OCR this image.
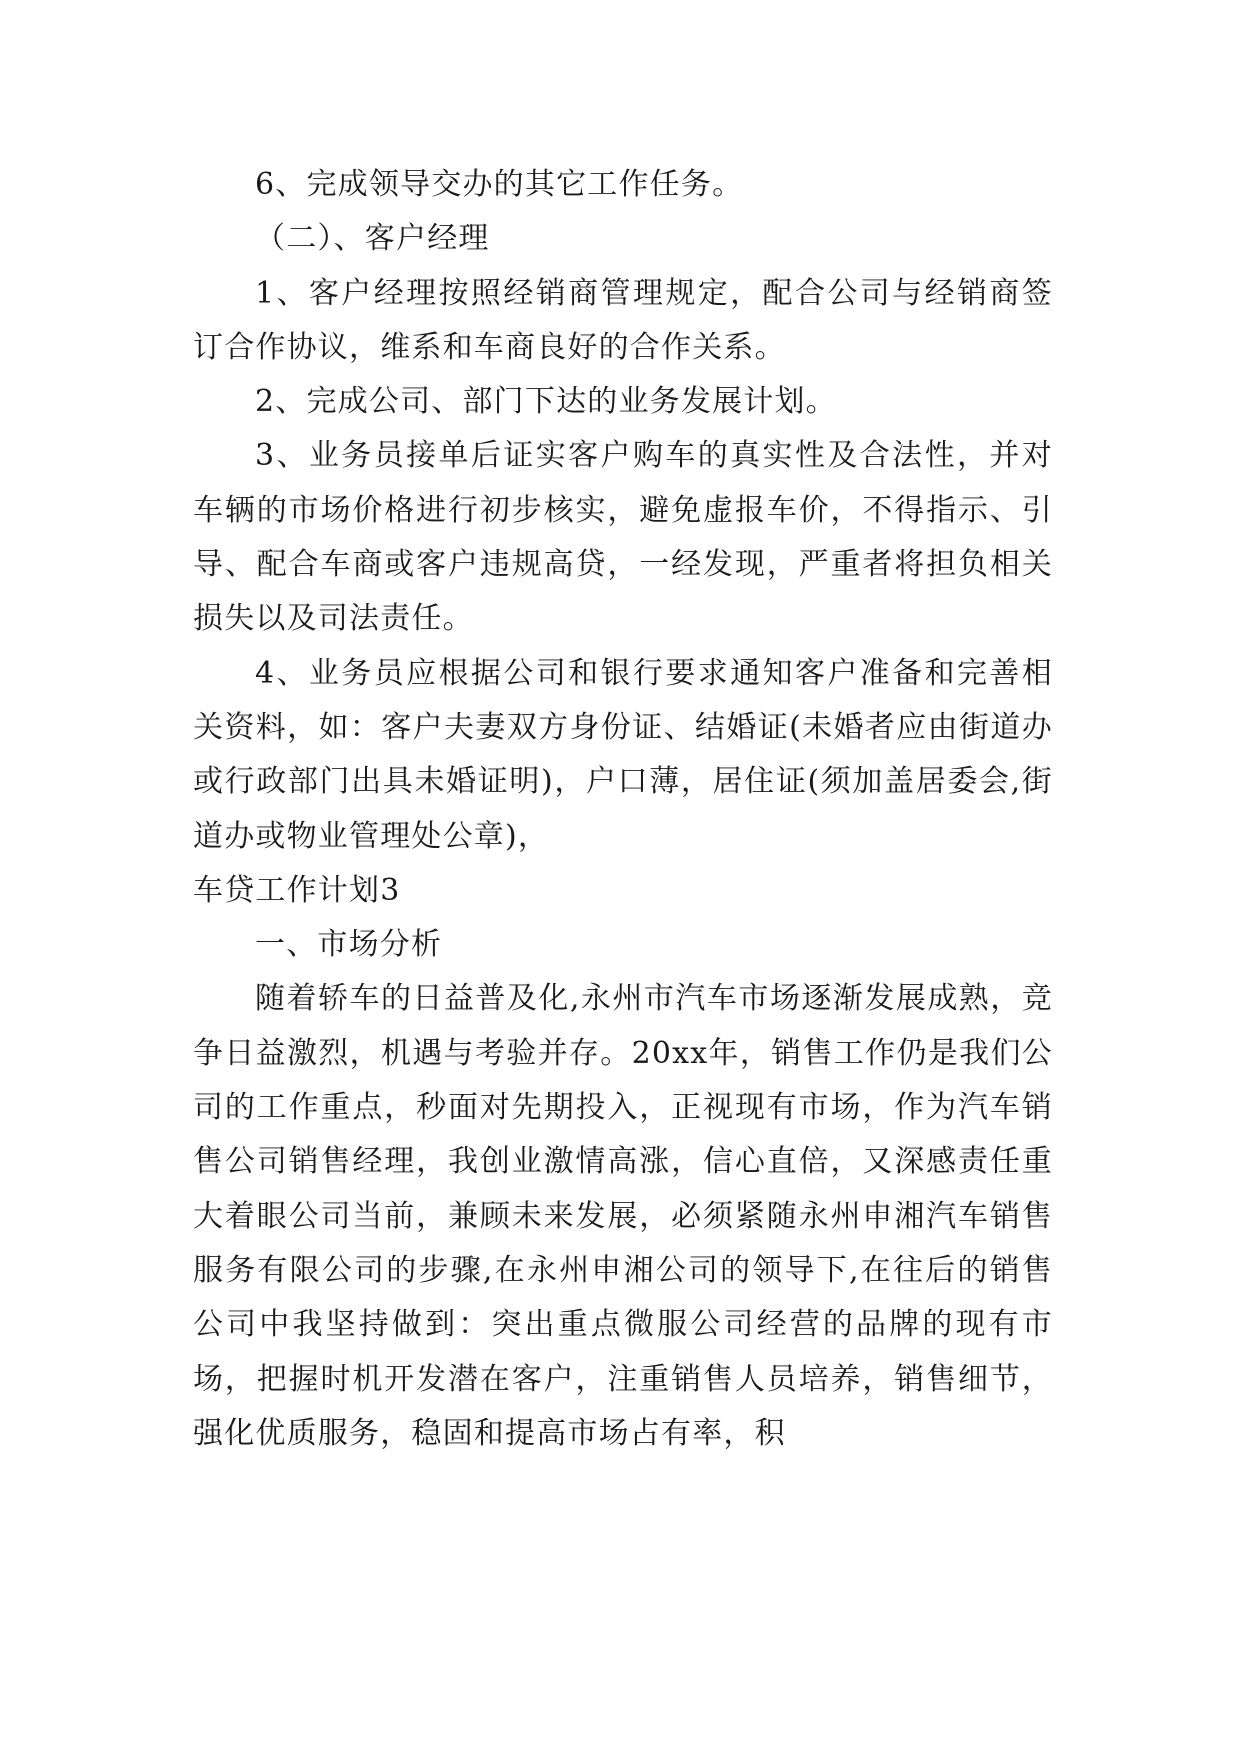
6、完成领导交办的其它工作任务。

（二）、客户经理

1、客户经理按照经销商管理规定，配合公司与经销商签订合作协议，维系和车商良好的合作关系。

2、完成公司、部门下达的业务发展计划。

3、业务员接单后证实客户购车的真实性及合法性，并对车辆的市场价格进行初步核实，避免虚报车价，不得指示、引导、配合车商或客户违规高贷，一经发现，严重者将担负相关损失以及司法责任。

4、业务员应根据公司和银行要求通知客户准备和完善相关资料，如：客户夫妻双方身份证、结婚证(未婚者应由街道办或行政部门出具未婚证明)，户口薄，居住证(须加盖居委会,街道办或物业管理处公章)，

车贷工作计划3

一、市场分析

随着轿车的日益普及化,永州市汽车市场逐渐发展成熟，竞争日益激烈，机遇与考验并存。20xx年，销售工作仍是我们公司的工作重点，秒面对先期投入，正视现有市场，作为汽车销售公司销售经理，我创业激情高涨，信心直倍，又深感责任重大着眼公司当前，兼顾未来发展，必须紧随永州申湘汽车销售服务有限公司的步骤,在永州申湘公司的领导下,在往后的销售公司中我坚持做到：突出重点微服公司经营的品牌的现有市场，把握时机开发潜在客户，注重销售人员培养，销售细节，强化优质服务，稳固和提高市场占有率，积
